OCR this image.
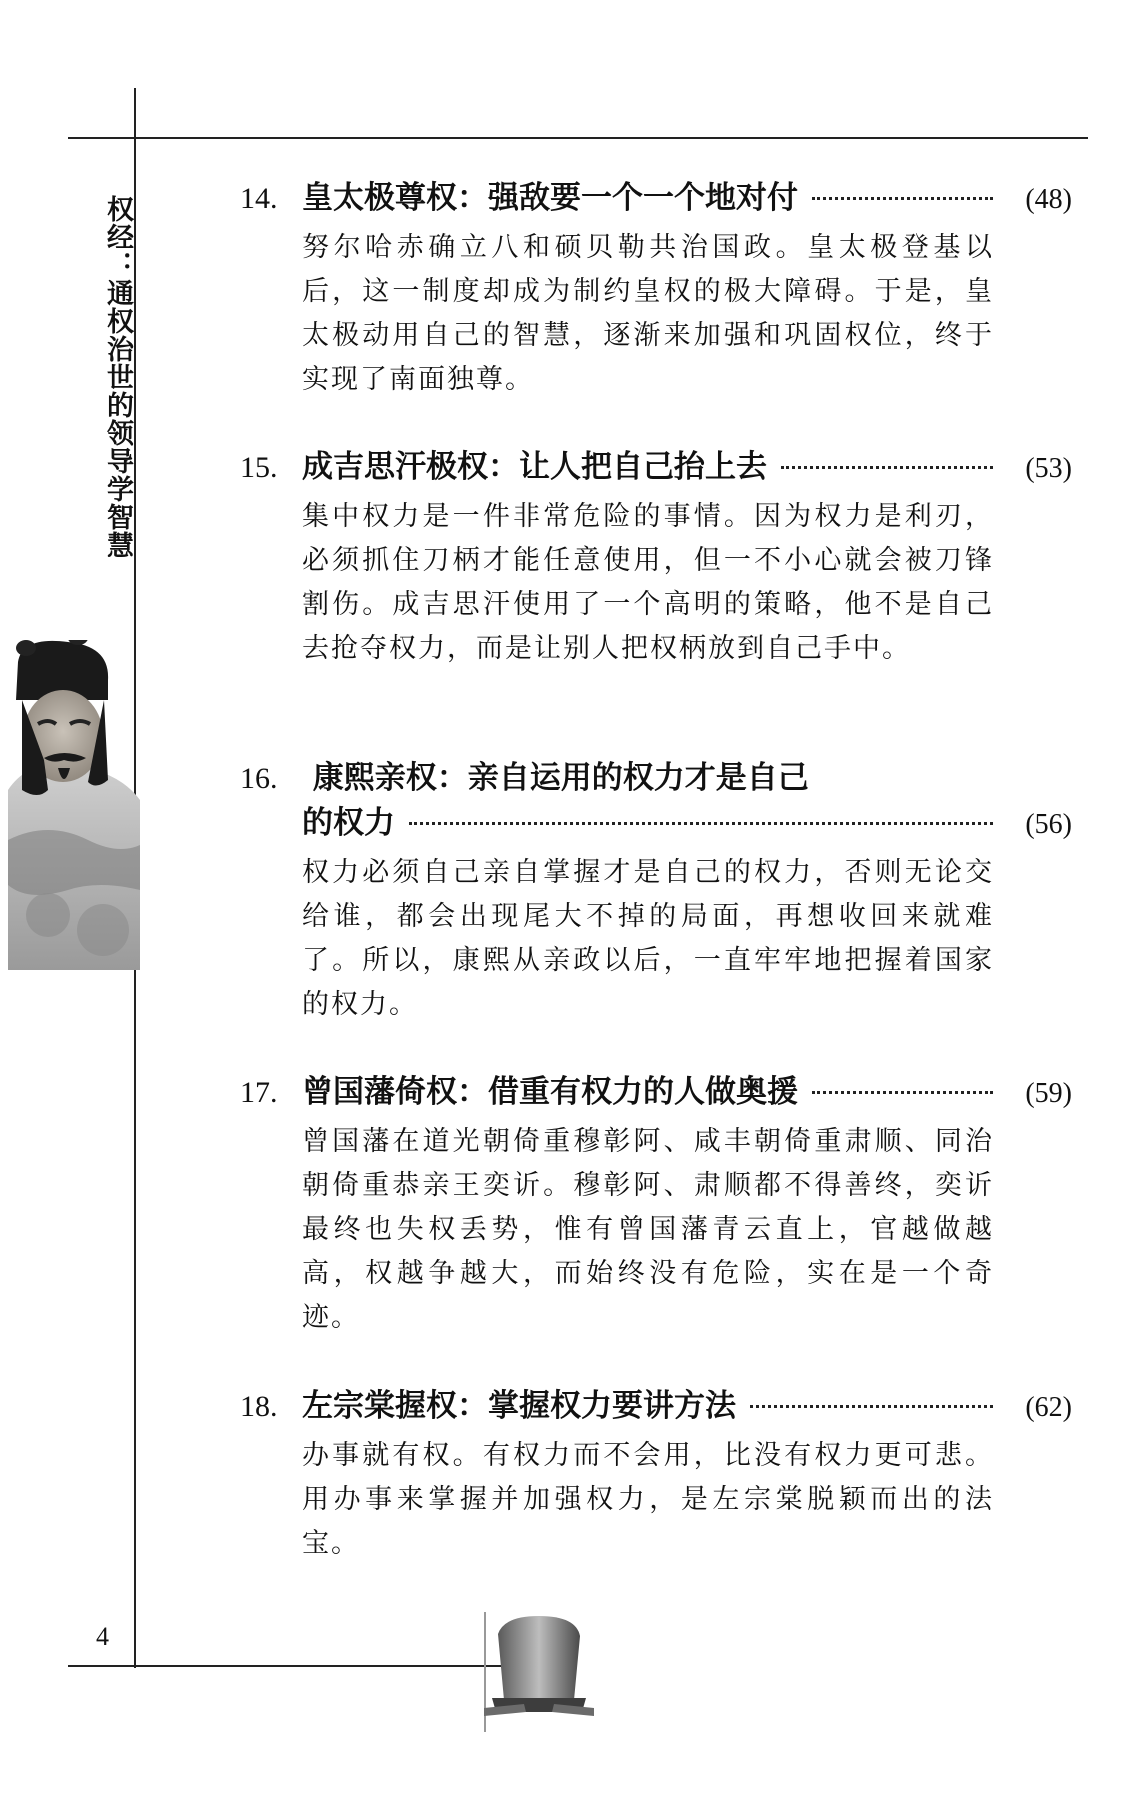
权经：通权治世的领导学智慧	14. 皇太极尊权：强敌要一个一个地对付	(48)
努尔哈赤确立八和硕贝勒共治国政。皇太极登基以后，这一制度却成为制约皇权的极大障碍。于是，皇太极动用自己的智慧，逐渐来加强和巩固权位，终于实现了南面独尊。
15. 成吉思汗极权：让人把自己抬上去	(53)
集中权力是一件非常危险的事情。因为权力是利刃，必须抓住刀柄才能任意使用，但一不小心就会被刀锋割伤。成吉思汗使用了一个高明的策略，他不是自己去抢夺权力，而是让别人把权柄放到自己手中。
16. 康熙亲权：亲自运用的权力才是自己
的权力	(56)
权力必须自己亲自掌握才是自己的权力，否则无论交给谁，都会出现尾大不掉的局面，再想收回来就难了。所以，康熙从亲政以后，一直牢牢地把握着国家的权力。
17. 曾国藩倚权：借重有权力的人做奥援	(59)
曾国藩在道光朝倚重穆彰阿、咸丰朝倚重肃顺、同治朝倚重恭亲王奕䜣。穆彰阿、肃顺都不得善终，奕䜣最终也失权丢势，惟有曾国藩青云直上，官越做越高，权越争越大，而始终没有危险，实在是一个奇迹。
18. 左宗棠握权：掌握权力要讲方法	(62)
办事就有权。有权力而不会用，比没有权力更可悲。用办事来掌握并加强权力，是左宗棠脱颖而出的法宝。
4
